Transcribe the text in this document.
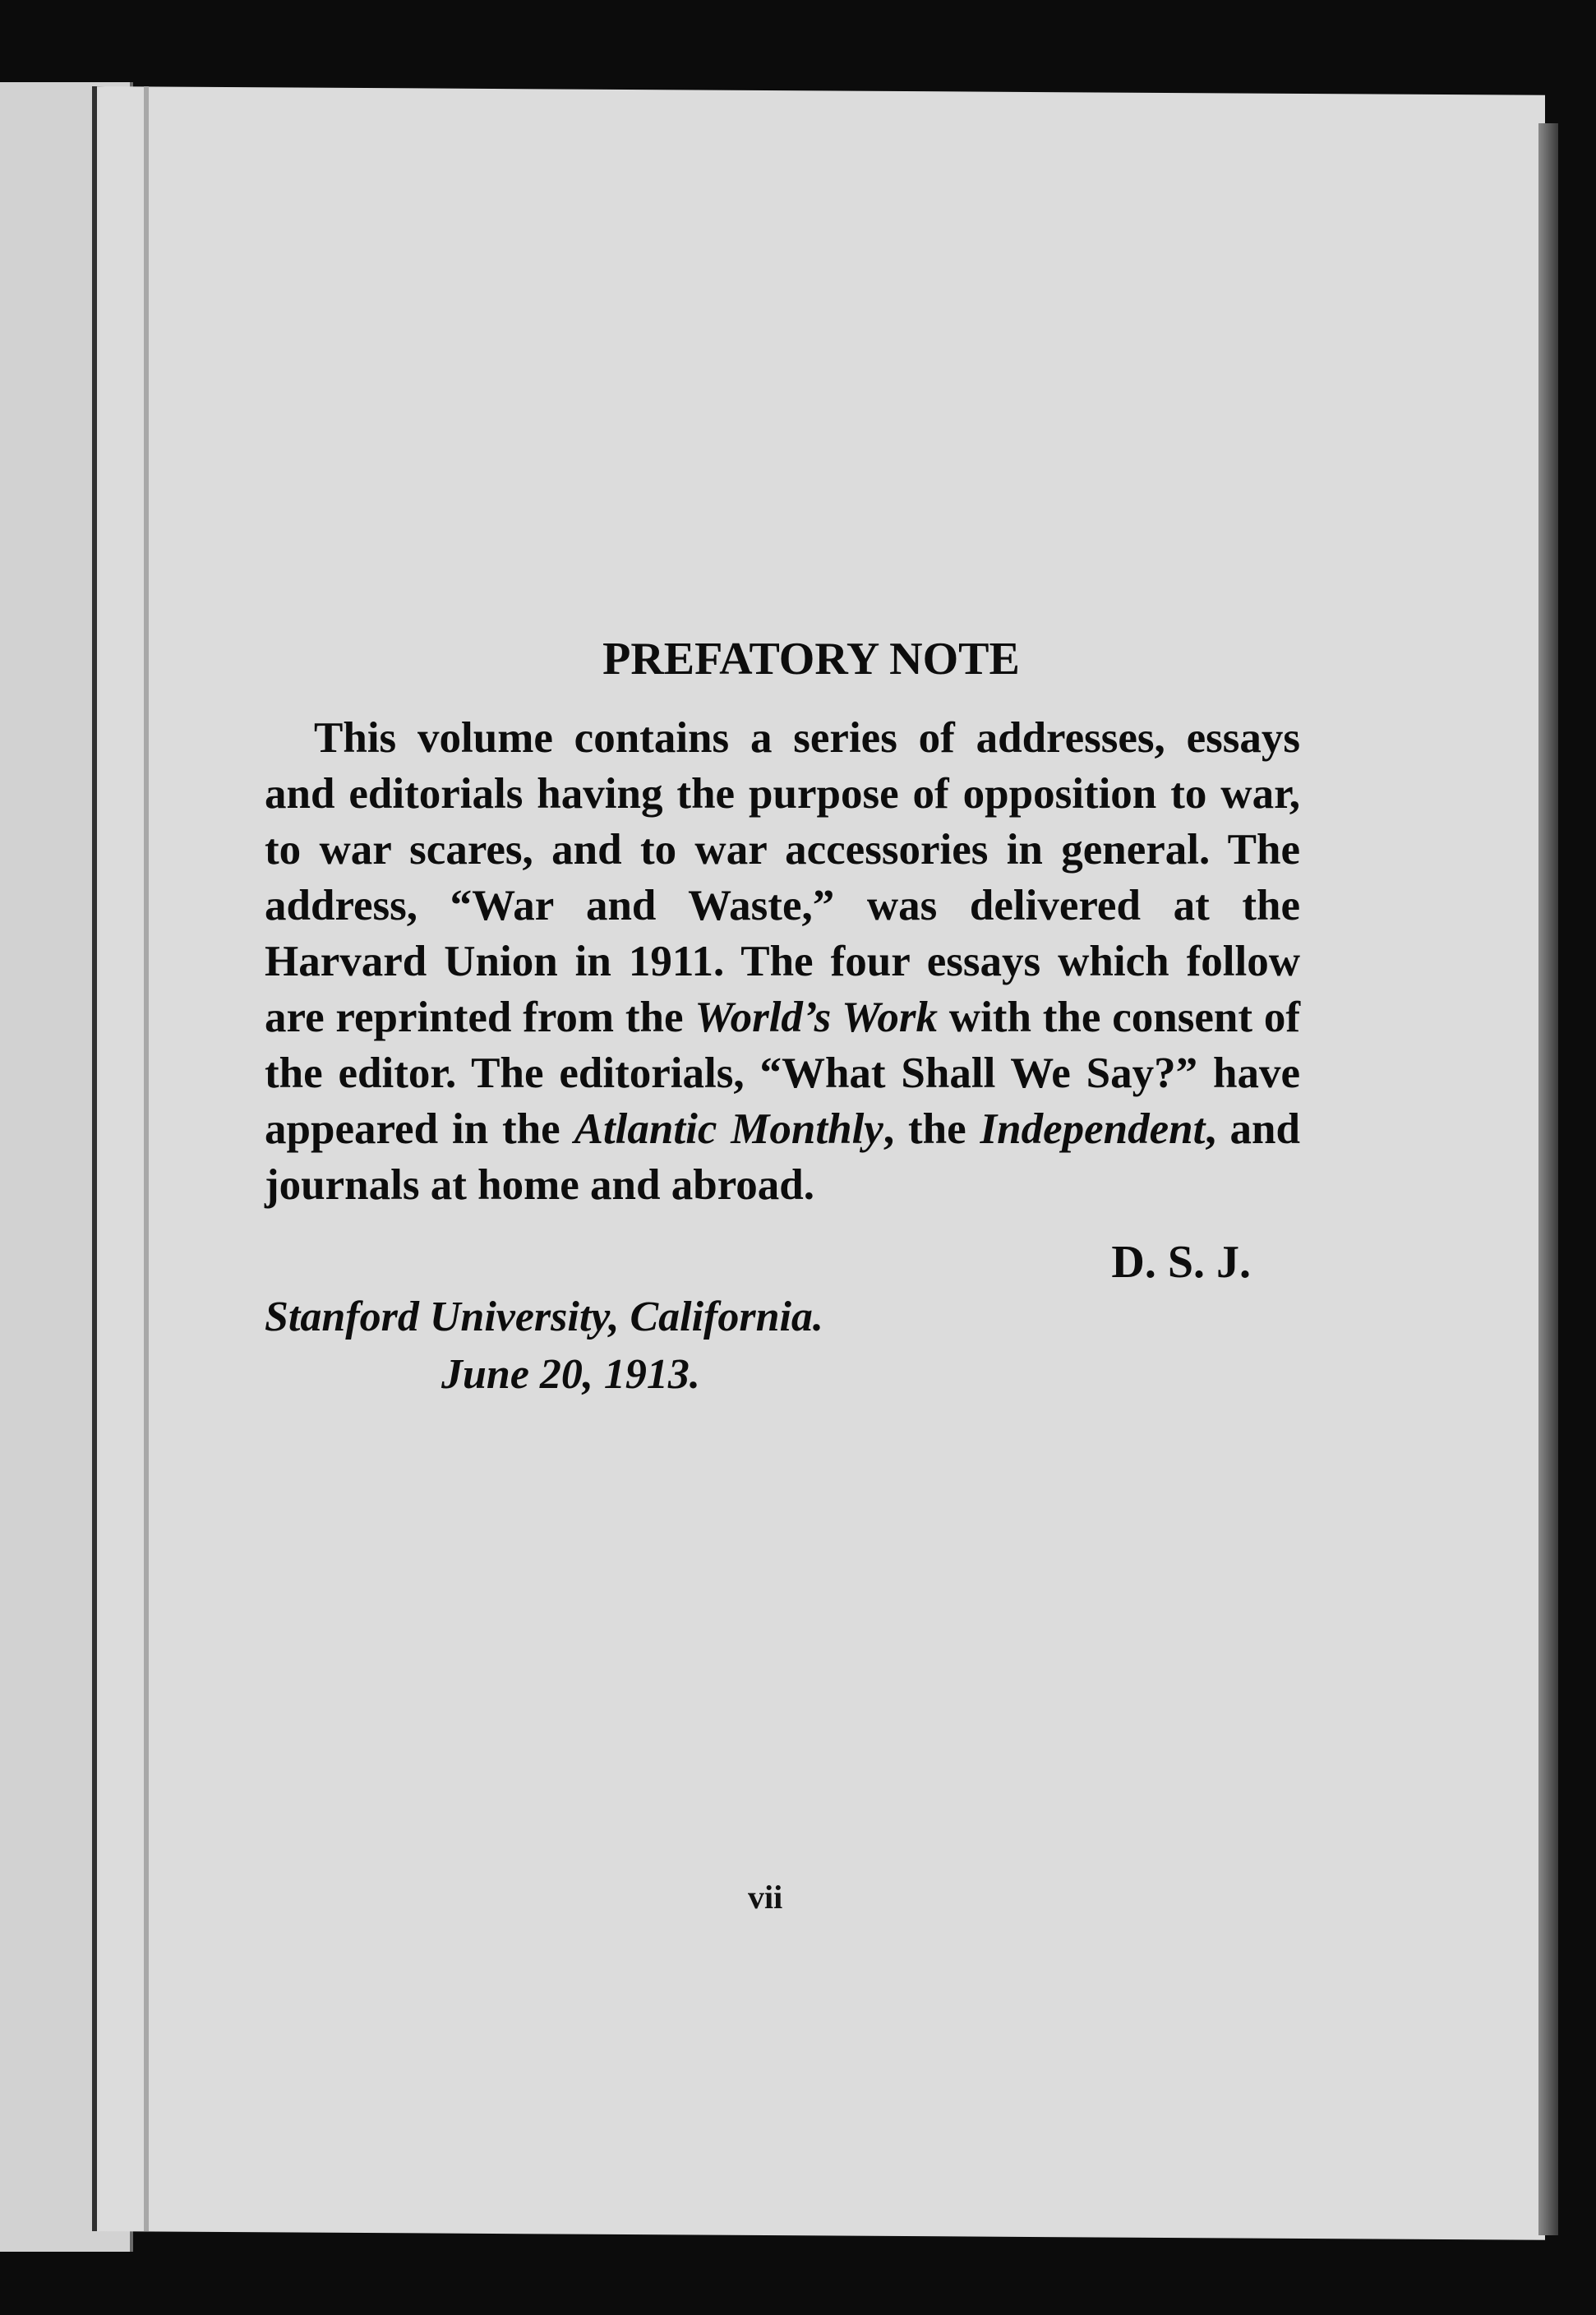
PREFATORY NOTE

This volume contains a series of addresses, essays and editorials having the purpose of opposition to war, to war scares, and to war accessories in general. The address, “War and Waste,” was delivered at the Harvard Union in 1911. The four essays which follow are reprinted from the World’s Work with the consent of the editor. The editorials, “What Shall We Say?” have appeared in the Atlantic Monthly, the Independent, and journals at home and abroad.

D. S. J.

Stanford University, California.

June 20, 1913.

vii
